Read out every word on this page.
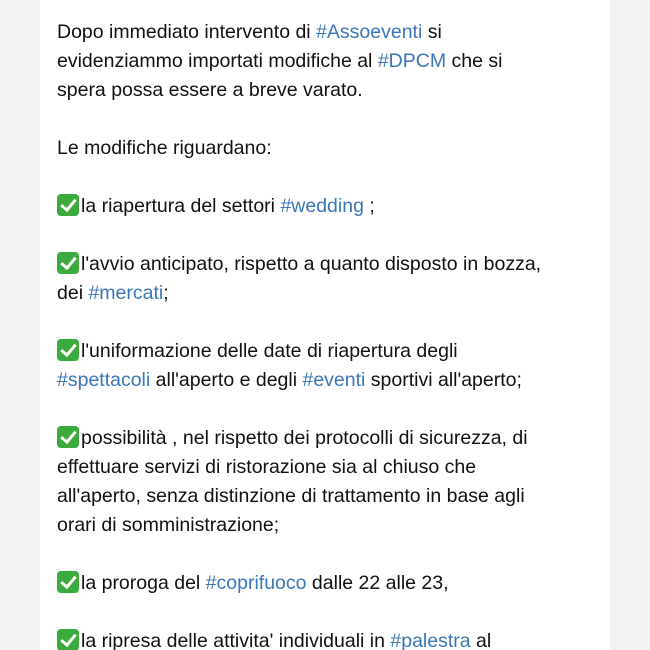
Dopo immediato intervento di #Assoeventi si
evidenziammo importati modifiche al #DPCM che si
spera possa essere a breve varato.

Le modifiche riguardano:

la riapertura del settori #wedding ;

l'avvio anticipato, rispetto a quanto disposto in bozza,
dei #mercati;

l'uniformazione delle date di riapertura degli
#spettacoli all'aperto e degli #eventi sportivi all'aperto;

possibilità , nel rispetto dei protocolli di sicurezza, di
effettuare servizi di ristorazione sia al chiuso che
all'aperto, senza distinzione di trattamento in base agli
orari di somministrazione;

la proroga del #coprifuoco dalle 22 alle 23,

la ripresa delle attivita' individuali in #palestra al
